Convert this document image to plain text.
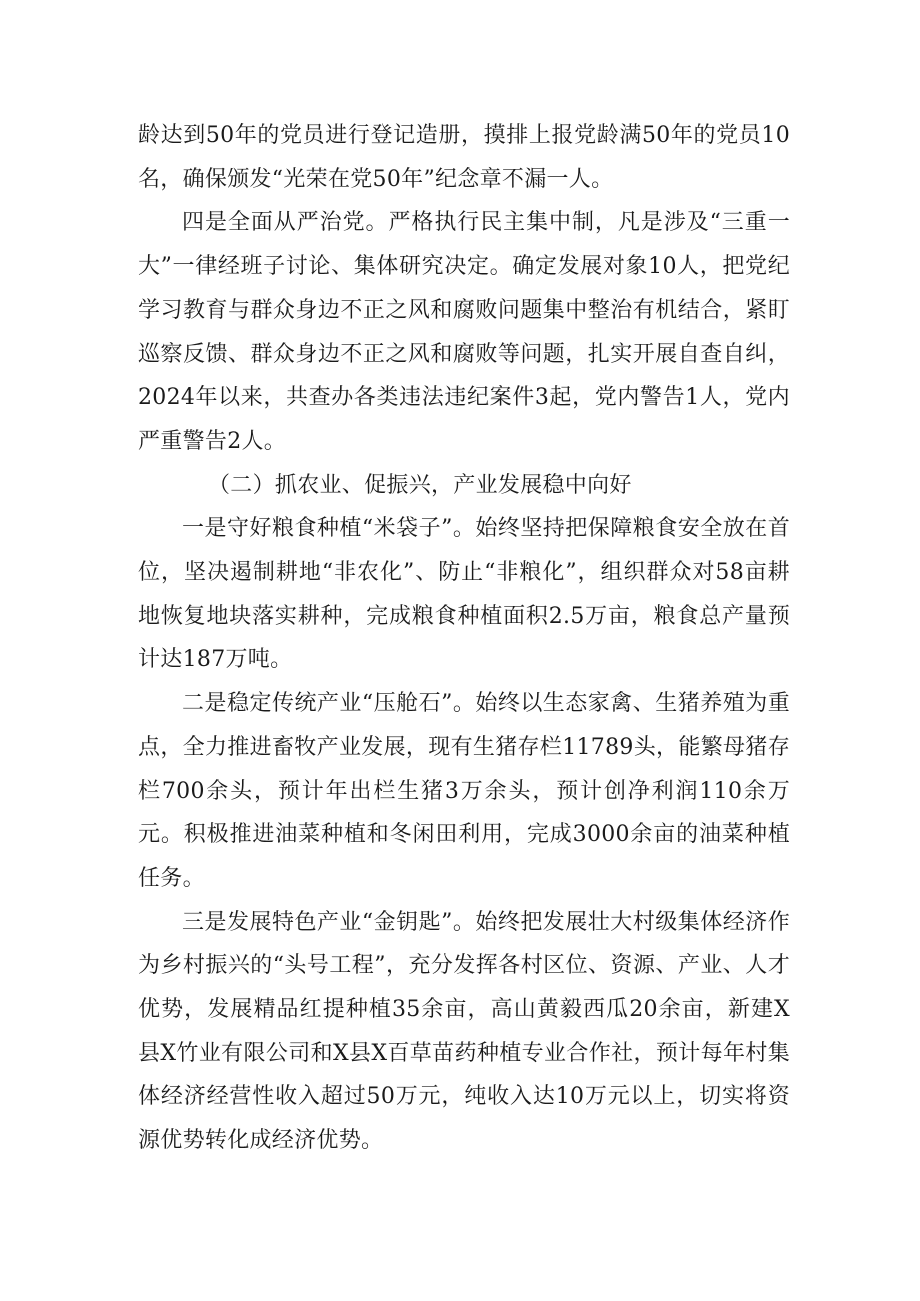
龄达到50年的党员进行登记造册，摸排上报党龄满50年的党员10名，确保颁发“光荣在党50年”纪念章不漏一人。

四是全面从严治党。严格执行民主集中制，凡是涉及“三重一大”一律经班子讨论、集体研究决定。确定发展对象10人，把党纪学习教育与群众身边不正之风和腐败问题集中整治有机结合，紧盯巡察反馈、群众身边不正之风和腐败等问题，扎实开展自查自纠，2024年以来，共查办各类违法违纪案件3起，党内警告1人，党内严重警告2人。

（二）抓农业、促振兴，产业发展稳中向好

一是守好粮食种植“米袋子”。始终坚持把保障粮食安全放在首位，坚决遏制耕地“非农化”、防止“非粮化”，组织群众对58亩耕地恢复地块落实耕种，完成粮食种植面积2.5万亩，粮食总产量预计达187万吨。

二是稳定传统产业“压舱石”。始终以生态家禽、生猪养殖为重点，全力推进畜牧产业发展，现有生猪存栏11789头，能繁母猪存栏700余头，预计年出栏生猪3万余头，预计创净利润110余万元。积极推进油菜种植和冬闲田利用，完成3000余亩的油菜种植任务。

三是发展特色产业“金钥匙”。始终把发展壮大村级集体经济作为乡村振兴的“头号工程”，充分发挥各村区位、资源、产业、人才优势，发展精品红提种植35余亩，高山黄毅西瓜20余亩，新建X县X竹业有限公司和X县X百草苗药种植专业合作社，预计每年村集体经济经营性收入超过50万元，纯收入达10万元以上，切实将资源优势转化成经济优势。
